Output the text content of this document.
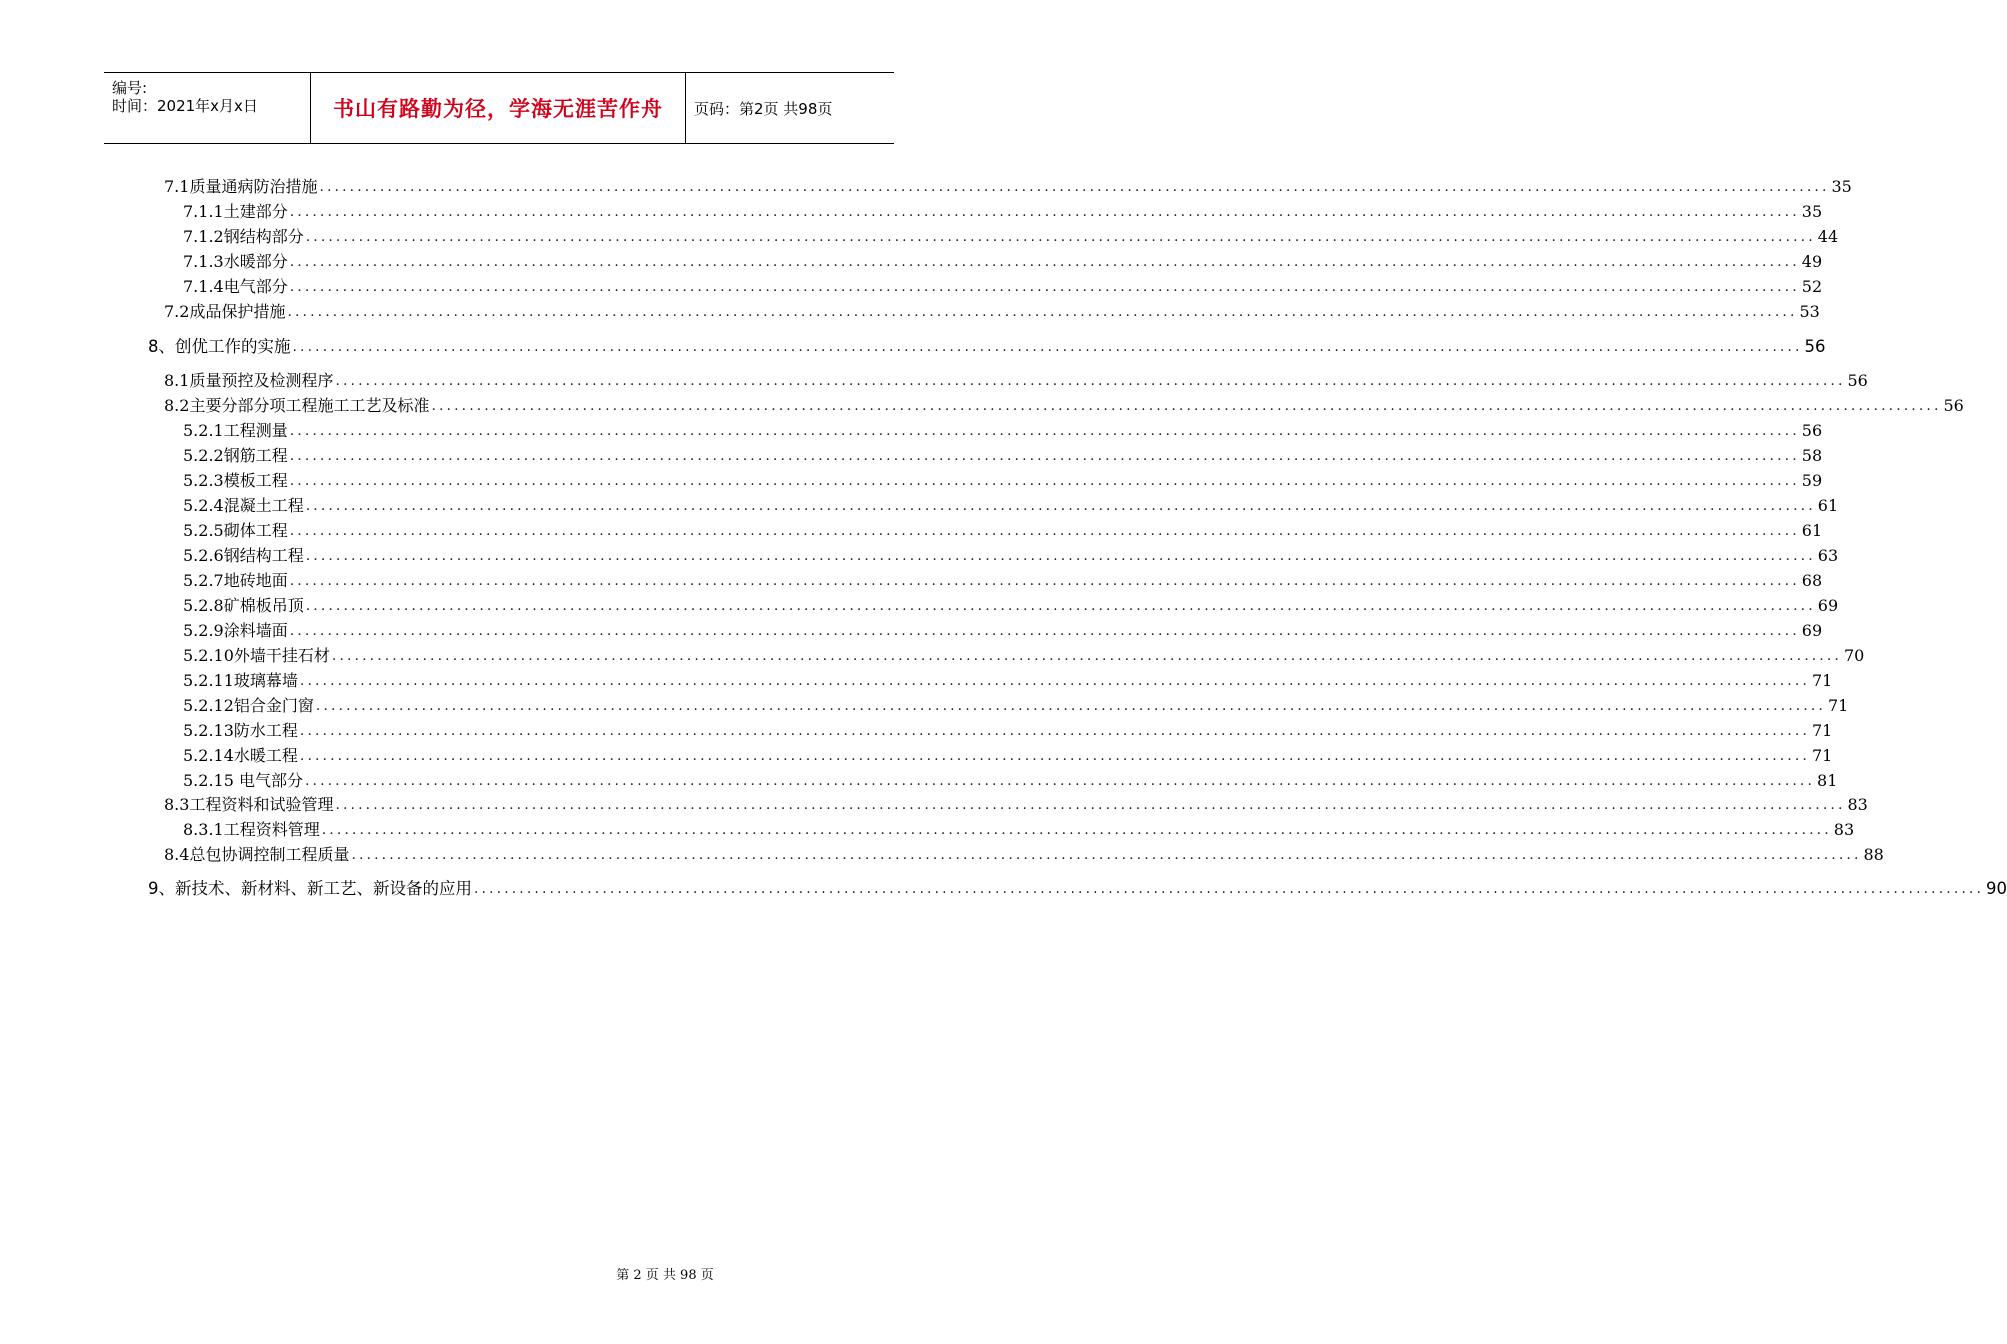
编号:
时间：2021年x月x日	书山有路勤为径，学海无涯苦作舟	页码：第2页 共98页
7.1质量通病防治措施 ........................................................................................................................................................................................................ 35
7.1.1土建部分 ........................................................................................................................................................................................................ 35
7.1.2钢结构部分 ........................................................................................................................................................................................................ 44
7.1.3水暖部分 ........................................................................................................................................................................................................ 49
7.1.4电气部分 ........................................................................................................................................................................................................ 52
7.2成品保护措施 ........................................................................................................................................................................................................ 53
8、创优工作的实施 ........................................................................................................................................................................................................ 56
8.1质量预控及检测程序 ........................................................................................................................................................................................................ 56
8.2主要分部分项工程施工工艺及标准 ........................................................................................................................................................................................................ 56
5.2.1工程测量 ........................................................................................................................................................................................................ 56
5.2.2钢筋工程 ........................................................................................................................................................................................................ 58
5.2.3模板工程 ........................................................................................................................................................................................................ 59
5.2.4混凝土工程 ........................................................................................................................................................................................................ 61
5.2.5砌体工程 ........................................................................................................................................................................................................ 61
5.2.6钢结构工程 ........................................................................................................................................................................................................ 63
5.2.7地砖地面 ........................................................................................................................................................................................................ 68
5.2.8矿棉板吊顶 ........................................................................................................................................................................................................ 69
5.2.9涂料墙面 ........................................................................................................................................................................................................ 69
5.2.10外墙干挂石材 ........................................................................................................................................................................................................ 70
5.2.11玻璃幕墙 ........................................................................................................................................................................................................ 71
5.2.12铝合金门窗 ........................................................................................................................................................................................................ 71
5.2.13防水工程 ........................................................................................................................................................................................................ 71
5.2.14水暖工程 ........................................................................................................................................................................................................ 71
5.2.15 电气部分 ........................................................................................................................................................................................................ 81
8.3工程资料和试验管理 ........................................................................................................................................................................................................ 83
8.3.1工程资料管理 ........................................................................................................................................................................................................ 83
8.4总包协调控制工程质量 ........................................................................................................................................................................................................ 88
9、新技术、新材料、新工艺、新设备的应用 ........................................................................................................................................................................................................ 90
第 2 页 共 98 页
